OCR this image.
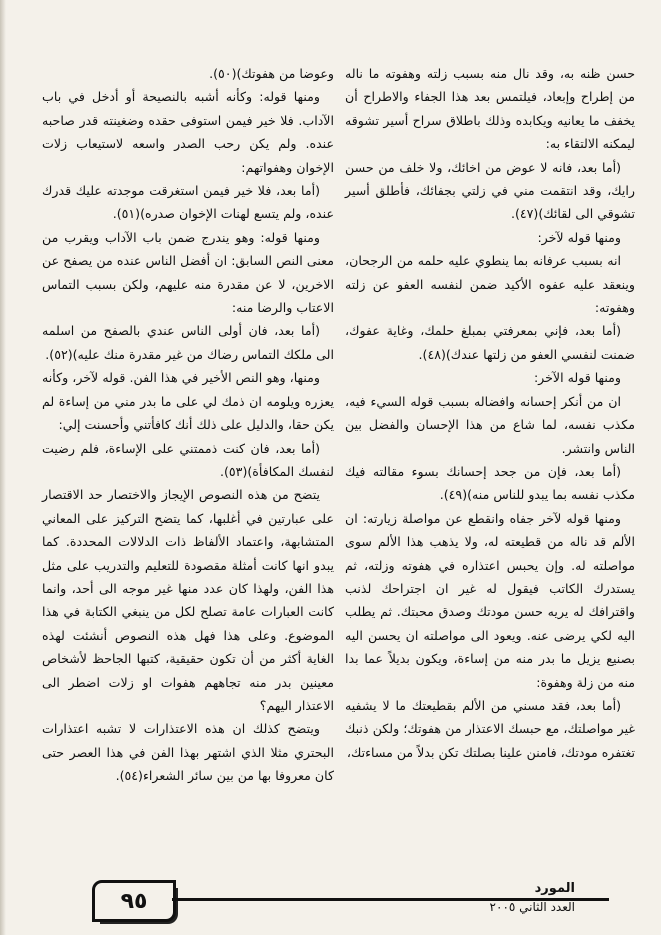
حسن ظنه به، وقد نال منه بسبب زلته وهفوته ما ناله من إطراح وإبعاد، فيلتمس بعد هذا الجفاء والاطراح أن يخفف ما يعانيه ويكابده وذلك باطلاق سراح أسير تشوقه ليمكنه الالتقاء به:

(أما بعد، فانه لا عوض من اخائك، ولا خلف من حسن رايك، وقد انتقمت مني في زلتي بجفائك، فأطلق أسير تشوقي الى لقائك)(٤٧).

ومنها قوله لآخر:

انه بسبب عرفانه بما ينطوي عليه حلمه من الرجحان، وينعقد عليه عفوه الأكيد ضمن لنفسه العفو عن زلته وهفوته:

(أما بعد، فإني بمعرفتي بمبلغ حلمك، وغاية عفوك، ضمنت لنفسي العفو من زلتها عندك)(٤٨).

ومنها قوله الآخر:

ان من أنكر إحسانه وافضاله بسبب قوله السيء فيه، مكذب نفسه، لما شاع من هذا الإحسان والفضل بين الناس وانتشر.

(أما بعد، فإن من جحد إحسانك بسوء مقالته فيك مكذب نفسه بما يبدو للناس منه)(٤٩).

ومنها قوله لآخر جفاه وانقطع عن مواصلة زيارته: ان الألم قد ناله من قطيعته له، ولا يذهب هذا الألم سوى مواصلته له. وإن يحبس اعتذاره في هفوته وزلته، ثم يستدرك الكاتب فيقول له غير ان اجتراحك لذنب واقترافك له يريه حسن مودتك وصدق محبتك. ثم يطلب اليه لكي يرضى عنه. ويعود الى مواصلته ان يحسن اليه بصنيع يزيل ما بدر منه من إساءة، ويكون بديلاً عما بدا منه من زلة وهفوة:

(أما بعد، فقد مسني من الألم بقطيعتك ما لا يشفيه غير مواصلتك، مع حبسك الاعتذار من هفوتك؛ ولكن ذنبك تغتفره مودتك، فامنن علينا بصلتك تكن بدلاً من مساءتك،

وعوضا من هفوتك)(٥٠).

ومنها قوله: وكأنه أشبه بالنصيحة أو أدخل في باب الآداب. فلا خير فيمن استوفى حقده وضغينته قدر صاحبه عنده. ولم يكن رحب الصدر واسعه لاستيعاب زلات الإخوان وهفواتهم:

(أما بعد، فلا خير فيمن استغرقت موجدته عليك قدرك عنده، ولم يتسع لهنات الإخوان صدره)(٥١).

ومنها قوله: وهو يندرج ضمن باب الآداب ويقرب من معنى النص السابق: ان أفضل الناس عنده من يصفح عن الاخرين، لا عن مقدرة منه عليهم، ولكن بسبب التماس الاعتاب والرضا منه:

(أما بعد، فان أولى الناس عندي بالصفح من اسلمه الى ملكك التماس رضاك من غير مقدرة منك عليه)(٥٢).

ومنها، وهو النص الأخير في هذا الفن. قوله لآخر، وكأنه يعزره ويلومه ان ذمك لي على ما بدر مني من إساءة لم يكن حقا، والدليل على ذلك أنك كافأتني وأحسنت إلي:

(أما بعد، فان كنت ذممتني على الإساءة، فلم رضيت لنفسك المكافأة)(٥٣).

يتضح من هذه النصوص الإيجاز والاختصار حد الاقتصار على عبارتين في أغلبها، كما يتضح التركيز على المعاني المتشابهة، واعتماد الألفاظ ذات الدلالات المحددة. كما يبدو انها كانت أمثلة مقصودة للتعليم والتدريب على مثل هذا الفن، ولهذا كان عدد منها غير موجه الى أحد، وانما كانت العبارات عامة تصلح لكل من ينبغي الكتابة في هذا الموضوع. وعلى هذا فهل هذه النصوص أنشئت لهذه الغاية أكثر من أن تكون حقيقية، كتبها الجاحظ لأشخاص معينين بدر منه تجاههم هفوات او زلات اضطر الى الاعتذار اليهم؟

ويتضح كذلك ان هذه الاعتذارات لا تشبه اعتذارات البحتري مثلا الذي اشتهر بهذا الفن في هذا العصر حتى كان معروفا بها من بين سائر الشعراء(٥٤).

٩٥	المورد
العدد الثاني ٢٠٠٥
